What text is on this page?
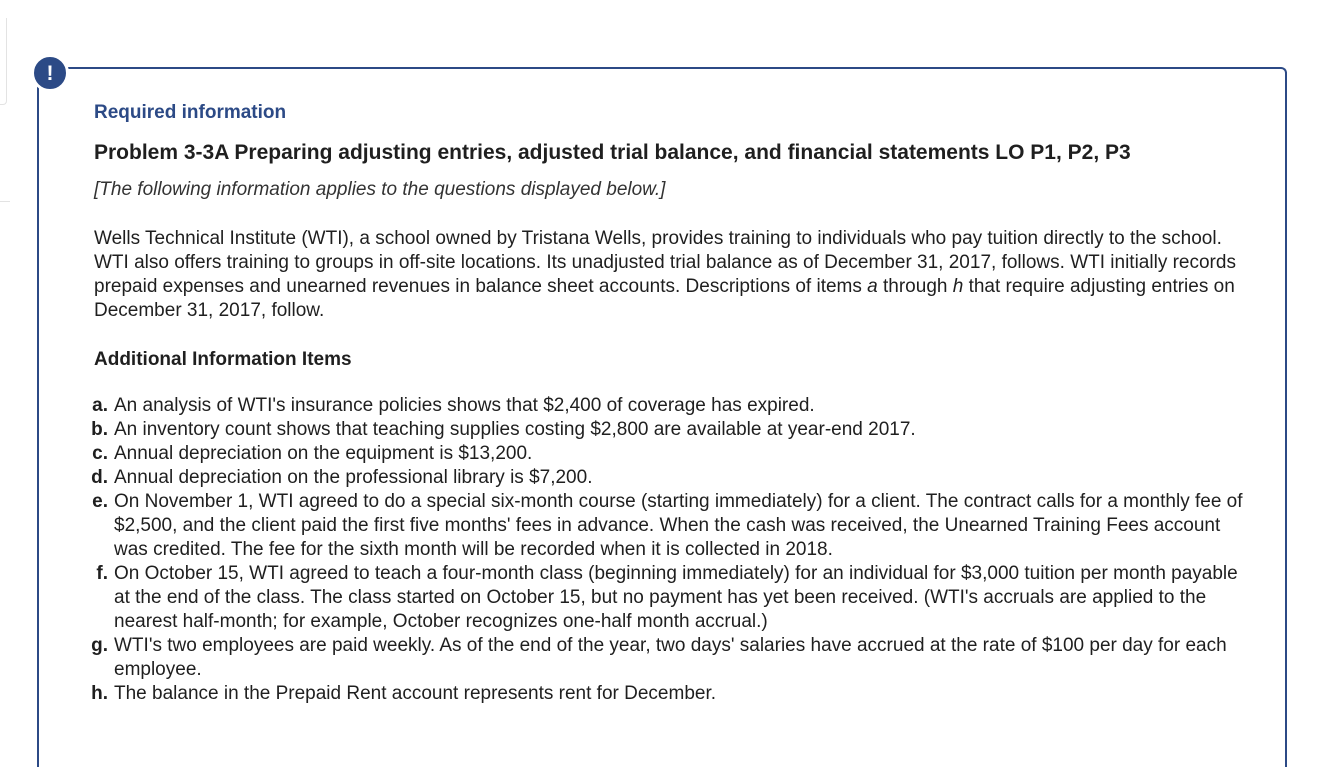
!
Required information
Problem 3-3A Preparing adjusting entries, adjusted trial balance, and financial statements LO P1, P2, P3
[The following information applies to the questions displayed below.]

Wells Technical Institute (WTI), a school owned by Tristana Wells, provides training to individuals who pay tuition directly to the school. WTI also offers training to groups in off-site locations. Its unadjusted trial balance as of December 31, 2017, follows. WTI initially records prepaid expenses and unearned revenues in balance sheet accounts. Descriptions of items a through h that require adjusting entries on December 31, 2017, follow.

Additional Information Items
a. An analysis of WTI's insurance policies shows that $2,400 of coverage has expired.
b. An inventory count shows that teaching supplies costing $2,800 are available at year-end 2017.
c. Annual depreciation on the equipment is $13,200.
d. Annual depreciation on the professional library is $7,200.
e. On November 1, WTI agreed to do a special six-month course (starting immediately) for a client. The contract calls for a monthly fee of $2,500, and the client paid the first five months' fees in advance. When the cash was received, the Unearned Training Fees account was credited. The fee for the sixth month will be recorded when it is collected in 2018.
f. On October 15, WTI agreed to teach a four-month class (beginning immediately) for an individual for $3,000 tuition per month payable at the end of the class. The class started on October 15, but no payment has yet been received. (WTI's accruals are applied to the nearest half-month; for example, October recognizes one-half month accrual.)
g. WTI's two employees are paid weekly. As of the end of the year, two days' salaries have accrued at the rate of $100 per day for each employee.
h. The balance in the Prepaid Rent account represents rent for December.
